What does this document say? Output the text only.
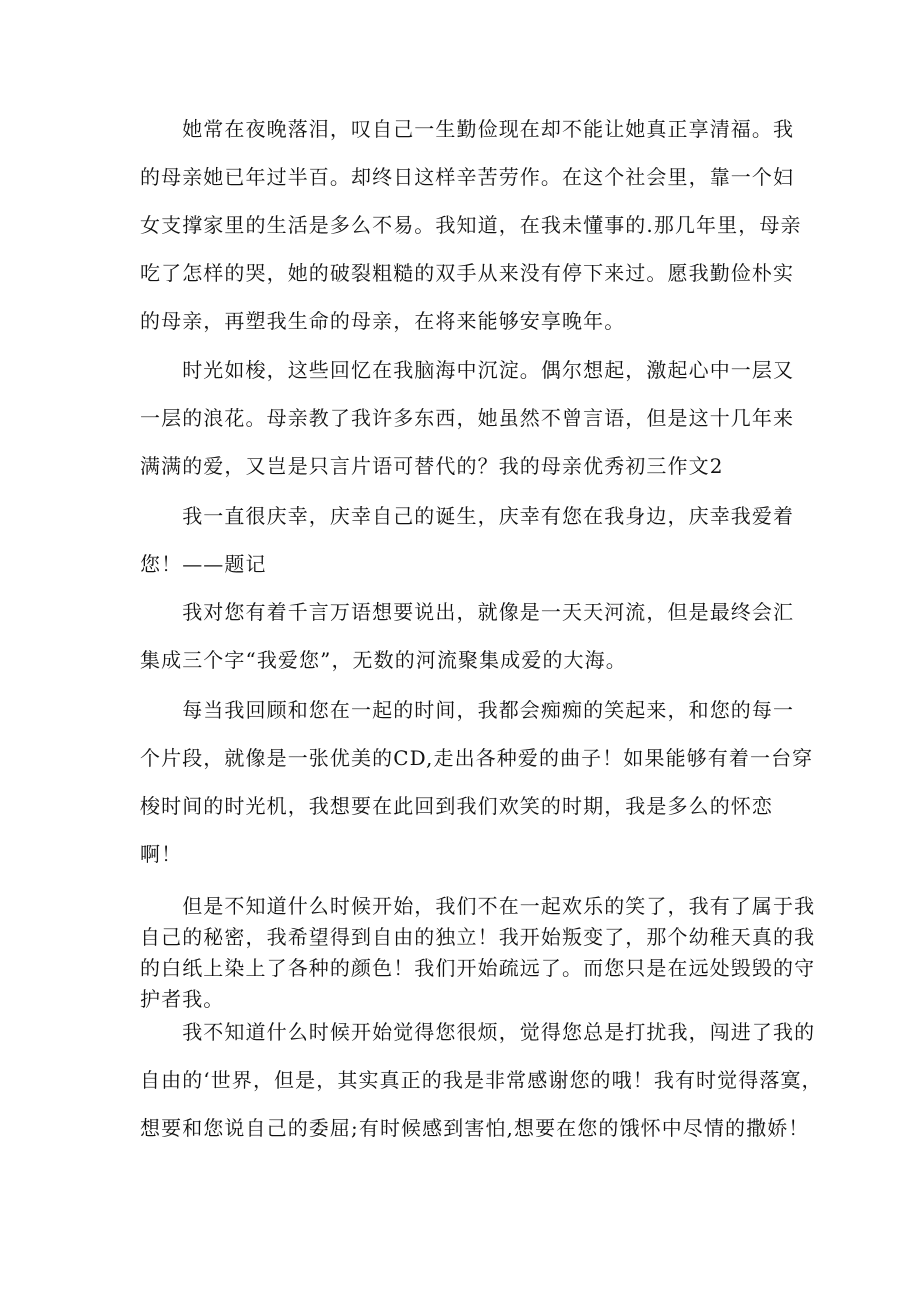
　　她常在夜晚落泪，叹自己一生勤俭现在却不能让她真正享清福。我
的母亲她已年过半百。却终日这样辛苦劳作。在这个社会里，靠一个妇
女支撑家里的生活是多么不易。我知道，在我未懂事的.那几年里，母亲
吃了怎样的哭，她的破裂粗糙的双手从来没有停下来过。愿我勤俭朴实
的母亲，再塑我生命的母亲，在将来能够安享晚年。
　　时光如梭，这些回忆在我脑海中沉淀。偶尔想起，激起心中一层又
一层的浪花。母亲教了我许多东西，她虽然不曾言语，但是这十几年来
满满的爱，又岂是只言片语可替代的？我的母亲优秀初三作文2
　　我一直很庆幸，庆幸自己的诞生，庆幸有您在我身边，庆幸我爱着
您！——题记
　　我对您有着千言万语想要说出，就像是一天天河流，但是最终会汇
集成三个字“我爱您”，无数的河流聚集成爱的大海。
　　每当我回顾和您在一起的时间，我都会痴痴的笑起来，和您的每一
个片段，就像是一张优美的CD,走出各种爱的曲子！如果能够有着一台穿
梭时间的时光机，我想要在此回到我们欢笑的时期，我是多么的怀恋
啊！
　　但是不知道什么时候开始，我们不在一起欢乐的笑了，我有了属于我
自己的秘密，我希望得到自由的独立！我开始叛变了，那个幼稚天真的我
的白纸上染上了各种的颜色！我们开始疏远了。而您只是在远处毁毁的守
护者我。
　　我不知道什么时候开始觉得您很烦，觉得您总是打扰我，闯进了我的
自由的‘世界，但是，其实真正的我是非常感谢您的哦！我有时觉得落寞，
想要和您说自己的委屈;有时候感到害怕,想要在您的饿怀中尽情的撒娇！
